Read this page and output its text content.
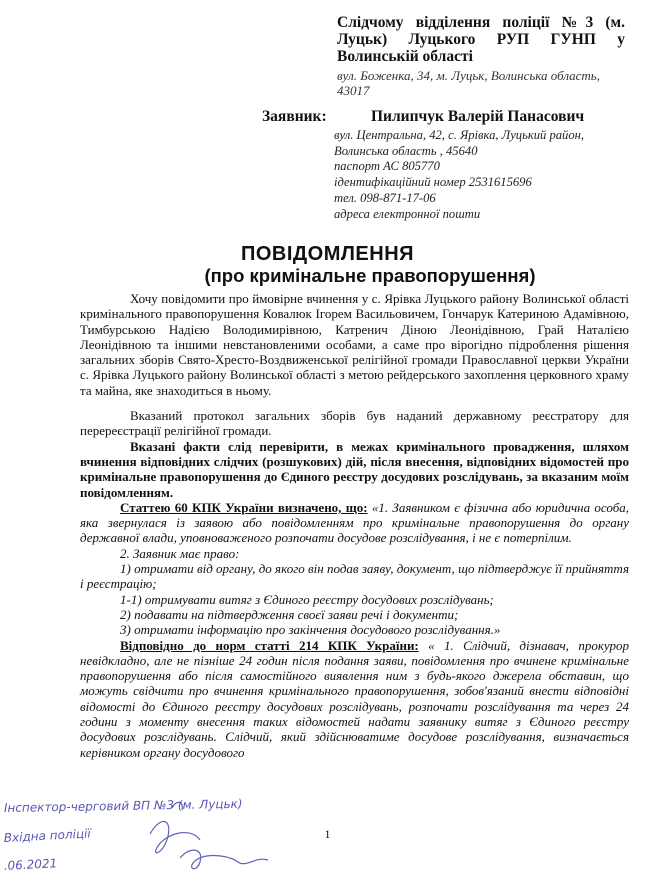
Слідчому відділення поліції №3 (м. Луцьк) Луцького РУП ГУНП у Волинській області
вул. Боженка, 34, м. Луцьк, Волинська область, 43017
Заявник:	Пилипчук Валерій Панасович
вул. Центральна, 42, с. Ярівка, Луцький район,
Волинська область , 45640
паспорт АС 805770
ідентифікаційний номер 2531615696
тел. 098-871-17-06
адреса електронної пошти
ПОВІДОМЛЕННЯ
(про кримінальне правопорушення)

Хочу повідомити про ймовірне вчинення у с. Ярівка Луцького району Волинської області кримінального правопорушення Ковалюк Ігорем Васильовичем, Гончарук Катериною Адамівною, Тимбурською Надією Володимирівною, Катренич Діною Леонідівною, Грай Наталією Леонідівною та іншими невстановленими особами, а саме про вірогідно підроблення рішення загальних зборів Свято-Хресто-Воздвиженської релігійної громади Православної церкви України с. Ярівка Луцького району Волинської області з метою рейдерського захоплення церковного храму та майна, яке знаходиться в ньому.

Вказаний протокол загальних зборів був наданий державному реєстратору для перереєстрації релігійної громади.

Вказані факти слід перевірити, в межах кримінального провадження, шляхом вчинення відповідних слідчих (розшукових) дій, після внесення, відповідних відомостей про кримінальне правопорушення до Єдиного реєстру досудових розслідувань, за вказаним моїм повідомленням.

Статтею 60 КПК України визначено, що: «1. Заявником є фізична або юридична особа, яка звернулася із заявою або повідомленням про кримінальне правопорушення до органу державної влади, уповноваженого розпочати досудове розслідування, і не є потерпілим.

2. Заявник має право:

1) отримати від органу, до якого він подав заяву, документ, що підтверджує її прийняття і реєстрацію;

1-1) отримувати витяг з Єдиного реєстру досудових розслідувань;

2) подавати на підтвердження своєї заяви речі і документи;

3) отримати інформацію про закінчення досудового розслідування.»

Відповідно до норм статті 214 КПК України: « 1. Слідчий, дізнавач, прокурор невідкладно, але не пізніше 24 годин після подання заяви, повідомлення про вчинене кримінальне правопорушення або після самостійного виявлення ним з будь-якого джерела обставин, що можуть свідчити про вчинення кримінального правопорушення, зобов'язаний внести відповідні відомості до Єдиного реєстру досудових розслідувань, розпочати розслідування та через 24 години з моменту внесення таких відомостей надати заявнику витяг з Єдиного реєстру досудових розслідувань. Слідчий, який здійснюватиме досудове розслідування, визначається керівником органу досудового

1
Інспектор-черговий ВП №3 (м. Луцьк)
Вхідна поліції
.06.2021
